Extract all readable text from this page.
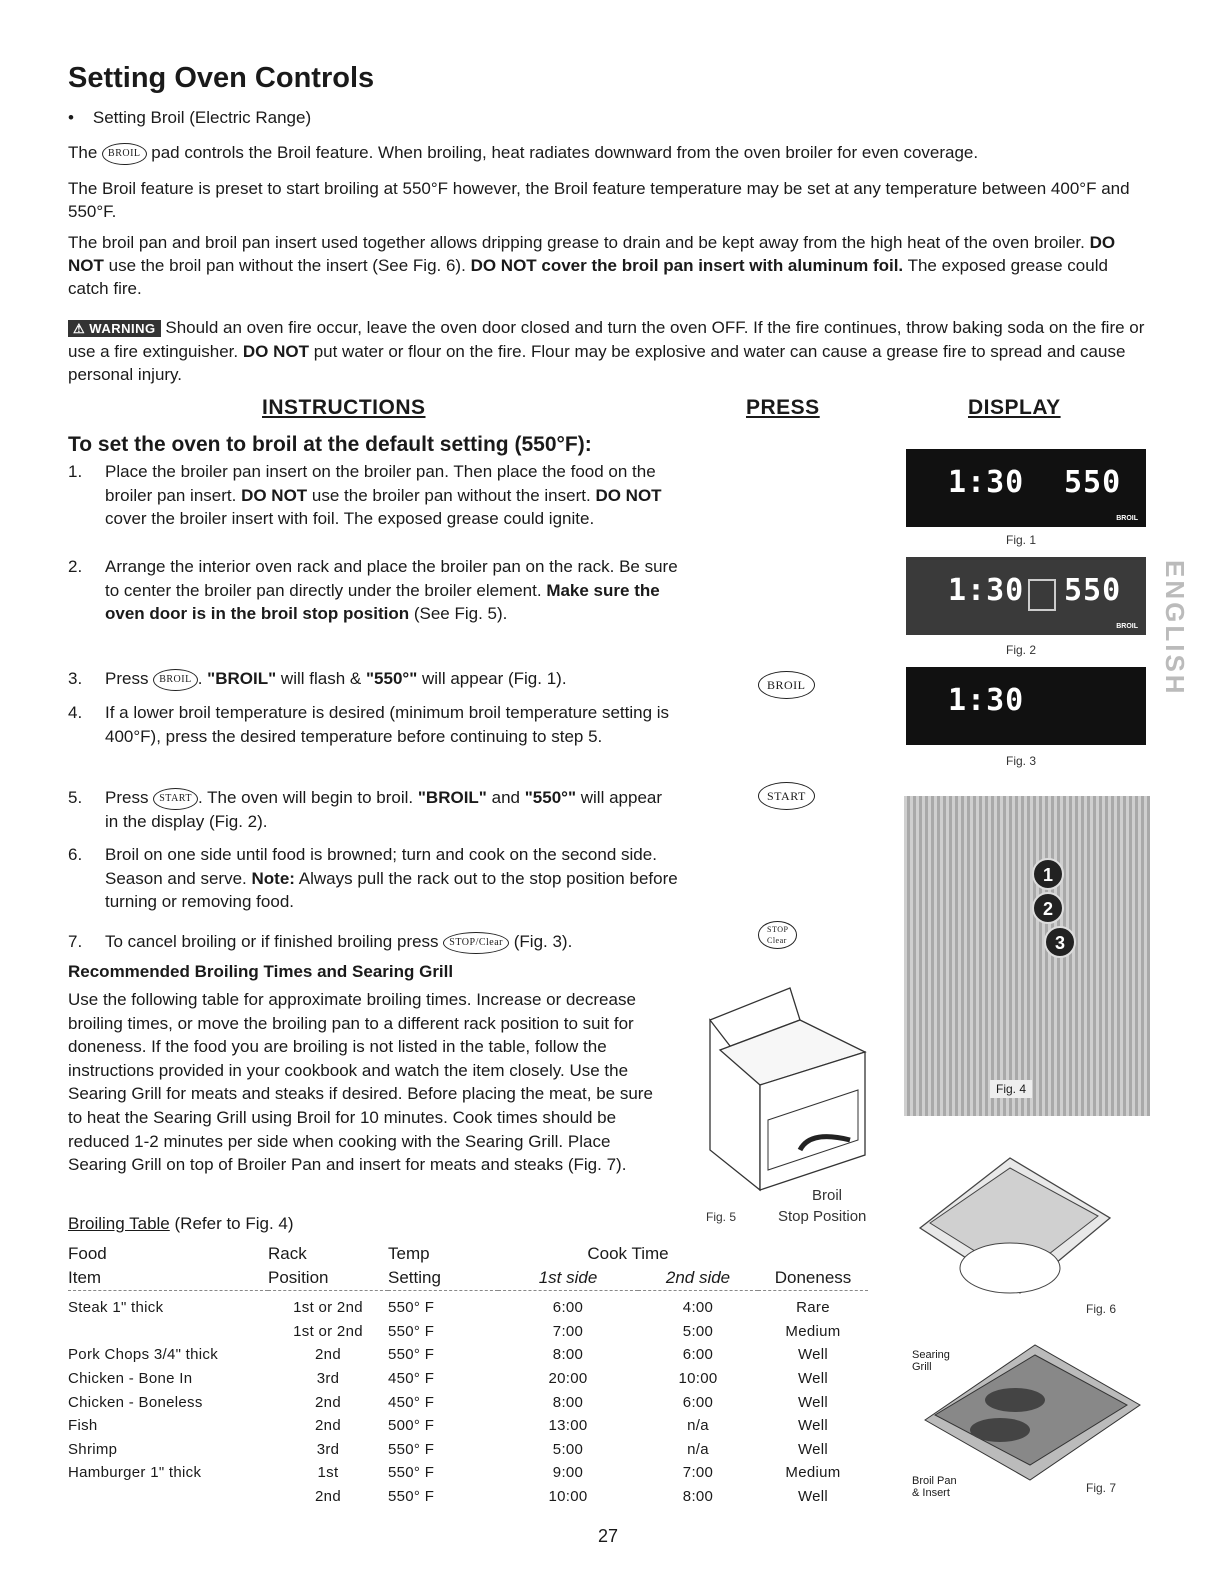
Setting Oven Controls
•    Setting Broil (Electric Range)
The BROIL pad controls the Broil feature. When broiling, heat radiates downward from the oven broiler for even coverage.
The Broil feature is preset to start broiling at 550°F however, the Broil feature temperature may be set at any temperature between 400°F and 550°F.
The broil pan and broil pan insert used together allows dripping grease to drain and be kept away from the high heat of the oven broiler. DO NOT use the broil pan without the insert (See Fig. 6). DO NOT cover the broil pan insert with aluminum foil. The exposed grease could catch fire.
⚠ WARNING Should an oven fire occur, leave the oven door closed and turn the oven OFF. If the fire continues, throw baking soda on the fire or use a fire extinguisher. DO NOT put water or flour on the fire. Flour may be explosive and water can cause a grease fire to spread and cause personal injury.
INSTRUCTIONS	PRESS	DISPLAY
To set the oven to broil at the default setting (550°F):
1. Place the broiler pan insert on the broiler pan. Then place the food on the broiler pan insert. DO NOT use the broiler pan without the insert. DO NOT cover the broiler insert with foil. The exposed grease could ignite.
2. Arrange the interior oven rack and place the broiler pan on the rack. Be sure to center the broiler pan directly under the broiler element. Make sure the oven door is in the broil stop position (See Fig. 5).
3. Press BROIL . "BROIL" will flash & "550°" will appear (Fig. 1).
4. If a lower broil temperature is desired (minimum broil temperature setting is 400°F), press the desired temperature before continuing to step 5.
5. Press START . The oven will begin to broil. "BROIL" and "550°" will appear in the display (Fig. 2).
6. Broil on one side until food is browned; turn and cook on the second side. Season and serve. Note: Always pull the rack out to the stop position before turning or removing food.
7. To cancel broiling or if finished broiling press STOP/Clear (Fig. 3).
Recommended Broiling Times and Searing Grill
Use the following table for approximate broiling times. Increase or decrease broiling times, or move the broiling pan to a different rack position to suit for doneness. If the food you are broiling is not listed in the table, follow the instructions provided in your cookbook and watch the item closely. Use the Searing Grill for meats and steaks if desired. Before placing the meat, be sure to heat the Searing Grill using Broil for 10 minutes. Cook times should be reduced 1-2 minutes per side when cooking with the Searing Grill. Place Searing Grill on top of Broiler Pan and insert for meats and steaks (Fig. 7).
Broiling Table (Refer to Fig. 4)
Food	Rack	Temp	Cook Time		
Item	Position	Setting	1st side	2nd side	Doneness

Steak 1" thick	1st or 2nd	550° F	6:00	4:00	Rare
	1st or 2nd	550° F	7:00	5:00	Medium
Pork Chops 3/4" thick	2nd	550° F	8:00	6:00	Well
Chicken - Bone In	3rd	450° F	20:00	10:00	Well
Chicken - Boneless	2nd	450° F	8:00	6:00	Well
Fish	2nd	500° F	13:00	n/a	Well
Shrimp	3rd	550° F	5:00	n/a	Well
Hamburger 1" thick	1st	550° F	9:00	7:00	Medium
	2nd	550° F	10:00	8:00	Well
BROIL
START
STOP
Clear
1:30 550
BROIL
Fig. 1
1:30 550
BROIL
Fig. 2
1:30
Fig. 3
1
2
3
Fig. 4
Fig. 5
Broil
Stop Position
Fig. 6
Searing
Grill
Broil Pan
& Insert	Fig. 7
ENGLISH
27
